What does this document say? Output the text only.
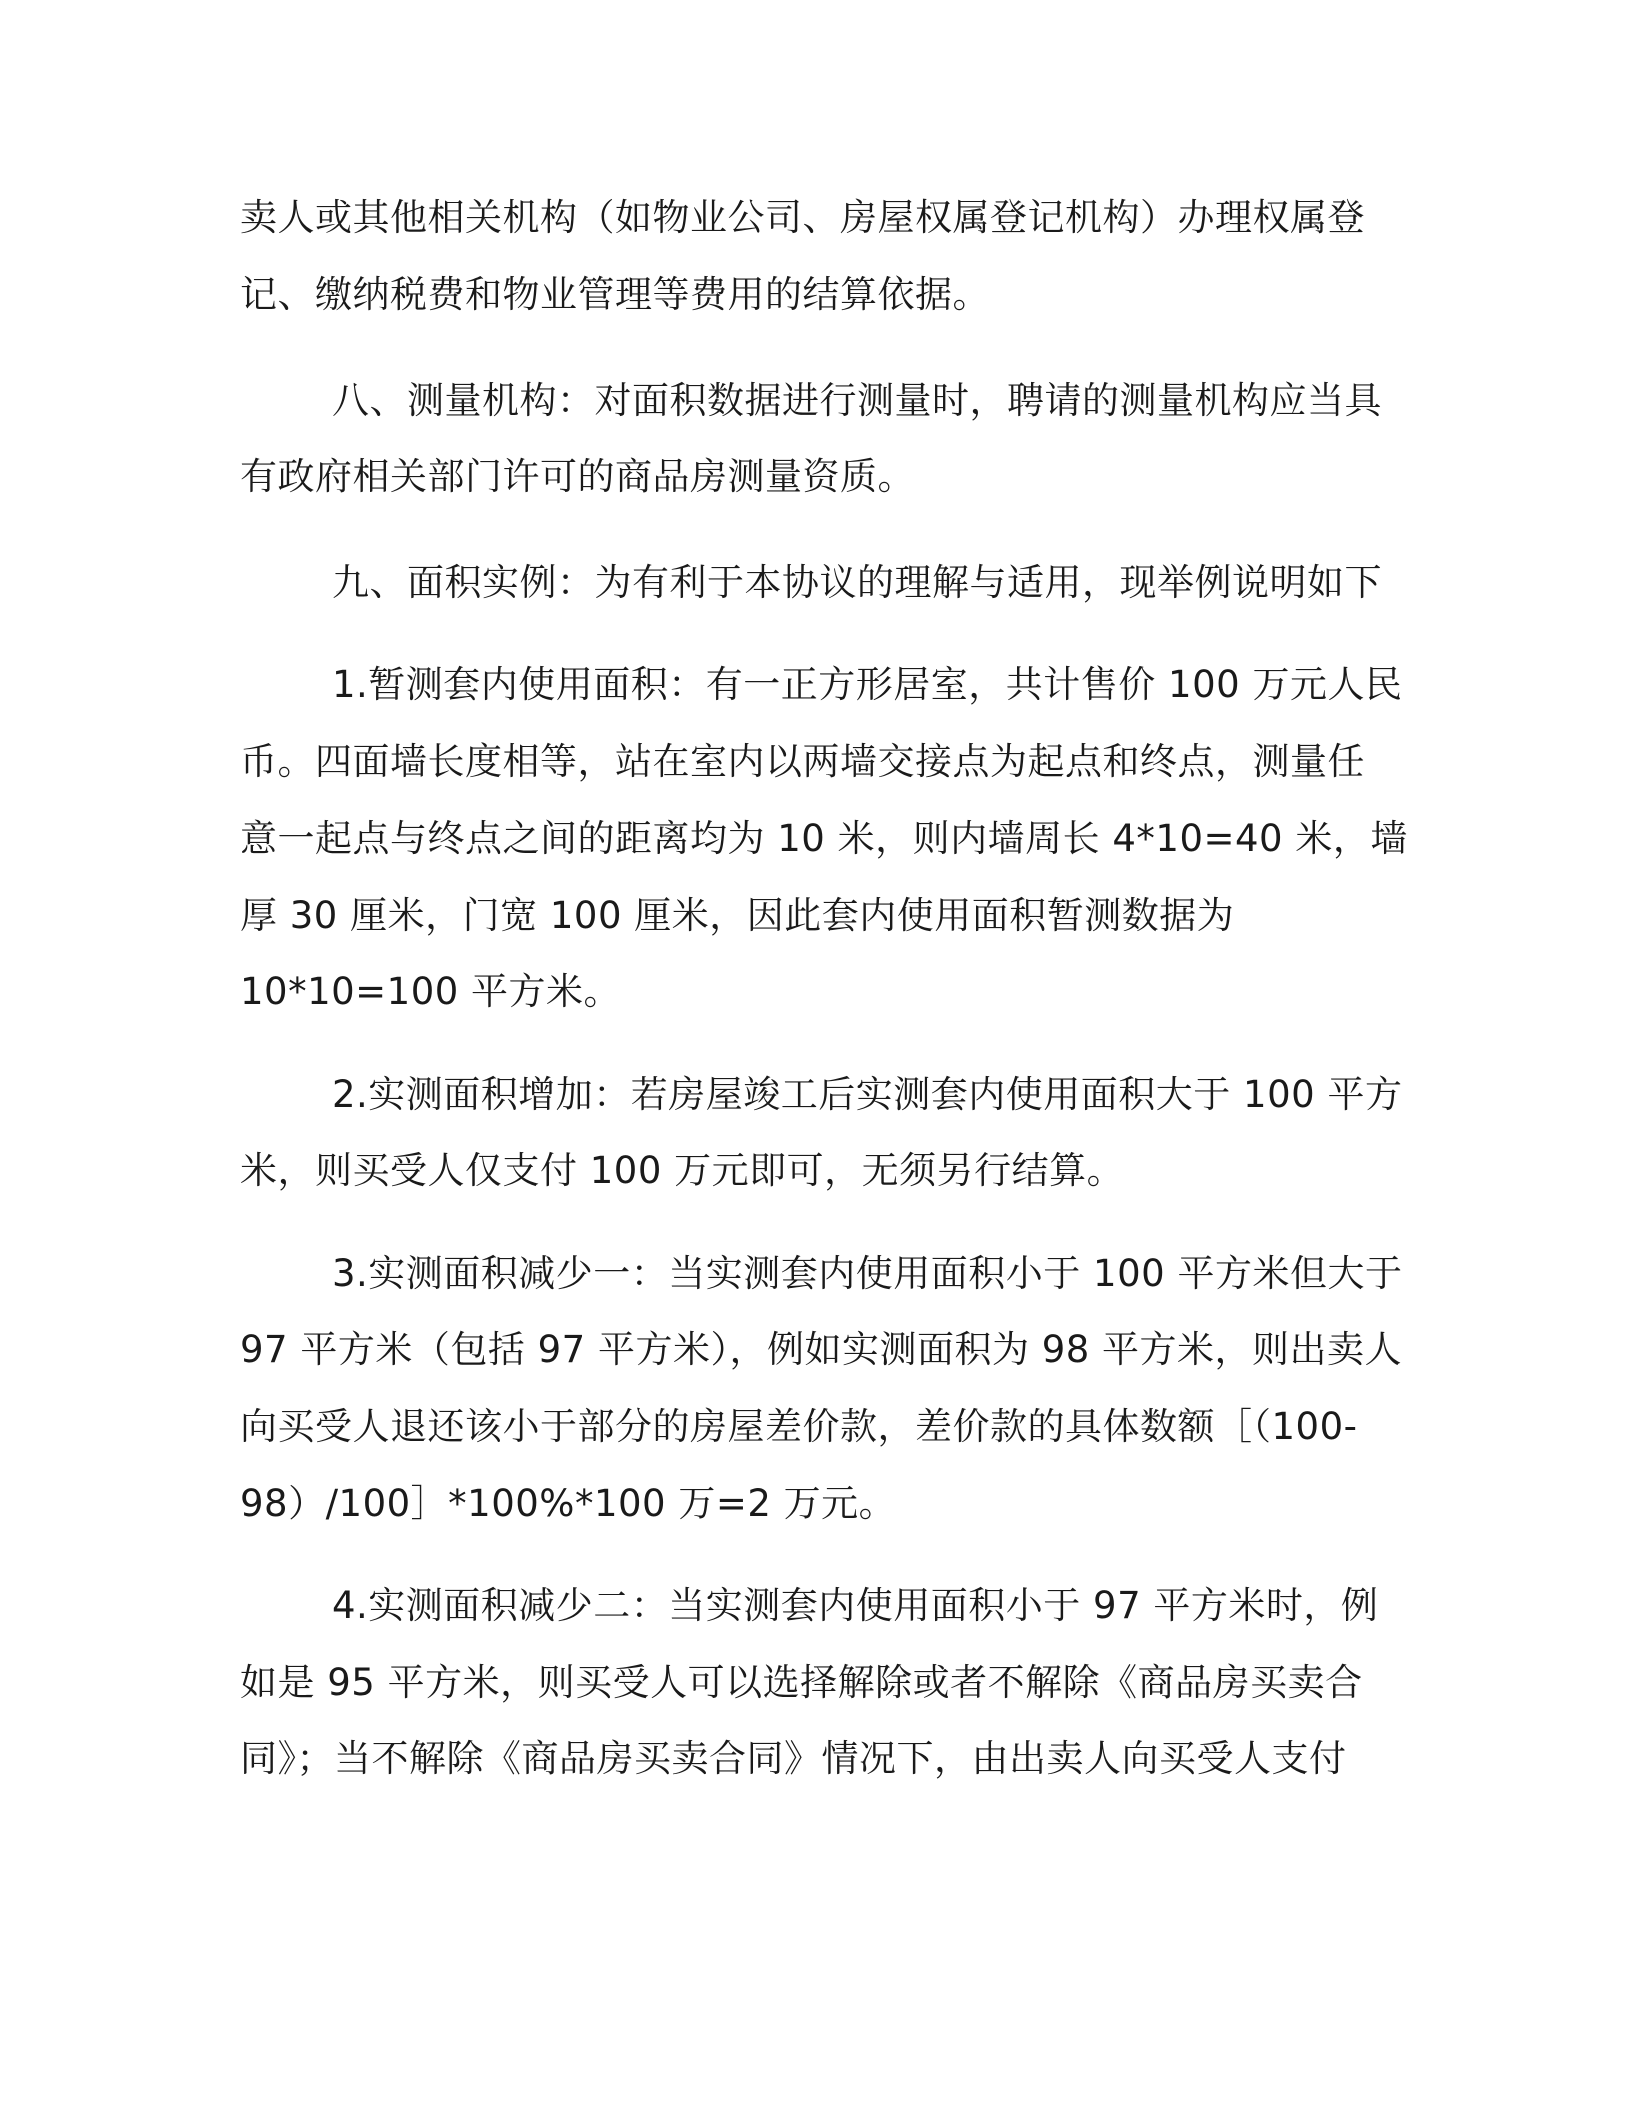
卖人或其他相关机构（如物业公司、房屋权属登记机构）办理权属登
记、缴纳税费和物业管理等费用的结算依据。
八、测量机构：对面积数据进行测量时，聘请的测量机构应当具
有政府相关部门许可的商品房测量资质。
九、面积实例：为有利于本协议的理解与适用，现举例说明如下
1.暂测套内使用面积：有一正方形居室，共计售价 100 万元人民
币。四面墙长度相等，站在室内以两墙交接点为起点和终点，测量任
意一起点与终点之间的距离均为 10 米，则内墙周长 4*10=40 米，墙
厚 30 厘米，门宽 100 厘米，因此套内使用面积暂测数据为
10*10=100 平方米。
2.实测面积增加：若房屋竣工后实测套内使用面积大于 100 平方
米，则买受人仅支付 100 万元即可，无须另行结算。
3.实测面积减少一：当实测套内使用面积小于 100 平方米但大于
97 平方米（包括 97 平方米），例如实测面积为 98 平方米，则出卖人
向买受人退还该小于部分的房屋差价款，差价款的具体数额［（100-
98）/100］*100%*100 万=2 万元。
4.实测面积减少二：当实测套内使用面积小于 97 平方米时，例
如是 95 平方米，则买受人可以选择解除或者不解除《商品房买卖合
同》；当不解除《商品房买卖合同》情况下，由出卖人向买受人支付
